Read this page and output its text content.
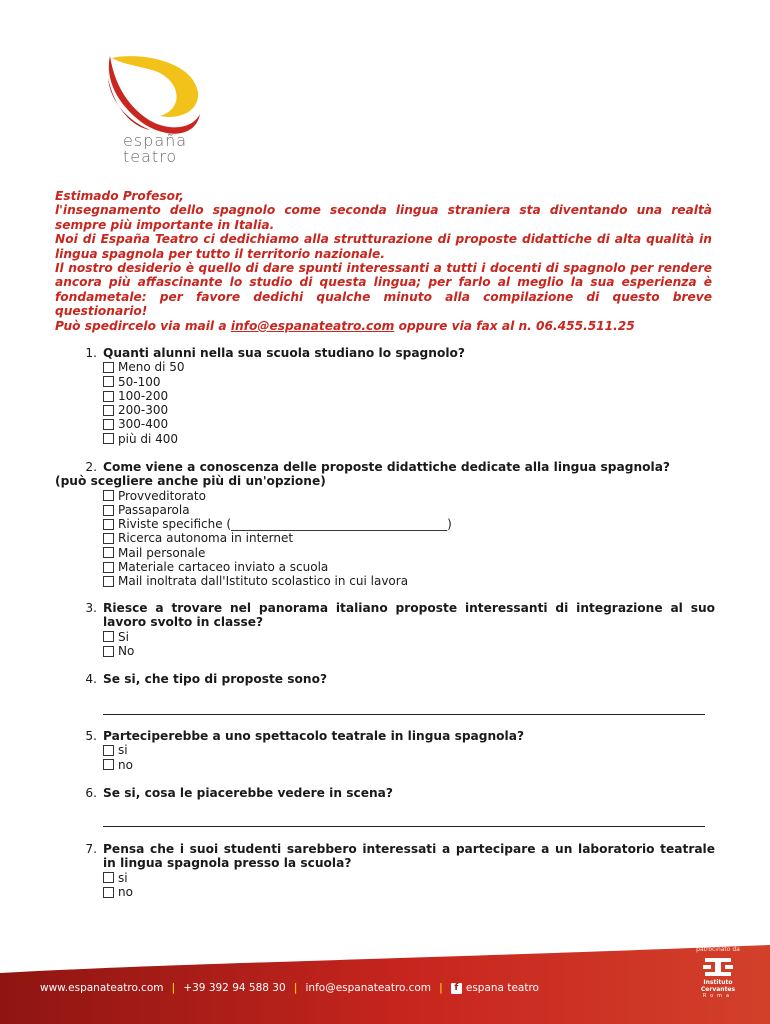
españa
teatro

Estimado Profesor,

l'insegnamento dello spagnolo come seconda lingua straniera sta diventando una realtà sempre più importante in Italia.

Noi di España Teatro ci dedichiamo alla strutturazione di proposte didattiche di alta qualità in lingua spagnola per tutto il territorio nazionale.

Il nostro desiderio è quello di dare spunti interessanti a tutti i docenti di spagnolo per rendere ancora più affascinante lo studio di questa lingua; per farlo al meglio la sua esperienza è fondametale: per favore dedichi qualche minuto alla compilazione di questo breve questionario!

Può spedircelo via mail a info@espanateatro.com oppure via fax al n. 06.455.511.25

1. Quanti alunni nella sua scuola studiano lo spagnolo?
Meno di 50
50-100
100-200
200-300
300-400
più di 400
2. Come viene a conoscenza delle proposte didattiche dedicate alla lingua spagnola?
(può scegliere anche più di un'opzione)
Provveditorato
Passaparola
Riviste specifiche (____________________________________)
Ricerca autonoma in internet
Mail personale
Materiale cartaceo inviato a scuola
Mail inoltrata dall'Istituto scolastico in cui lavora
3. Riesce a trovare nel panorama italiano proposte interessanti di integrazione al suo lavoro svolto in classe?
Si
No
4. Se si, che tipo di proposte sono?
5. Parteciperebbe a uno spettacolo teatrale in lingua spagnola?
si
no
6. Se si, cosa le piacerebbe vedere in scena?
7. Pensa che i suoi studenti sarebbero interessati a partecipare a un laboratorio teatrale in lingua spagnola presso la scuola?
si
no
www.espanateatro.com | +39 392 94 588 30 | info@espanateatro.com |	f espana teatro
patrocinato da
Instituto
Cervantes
Roma
